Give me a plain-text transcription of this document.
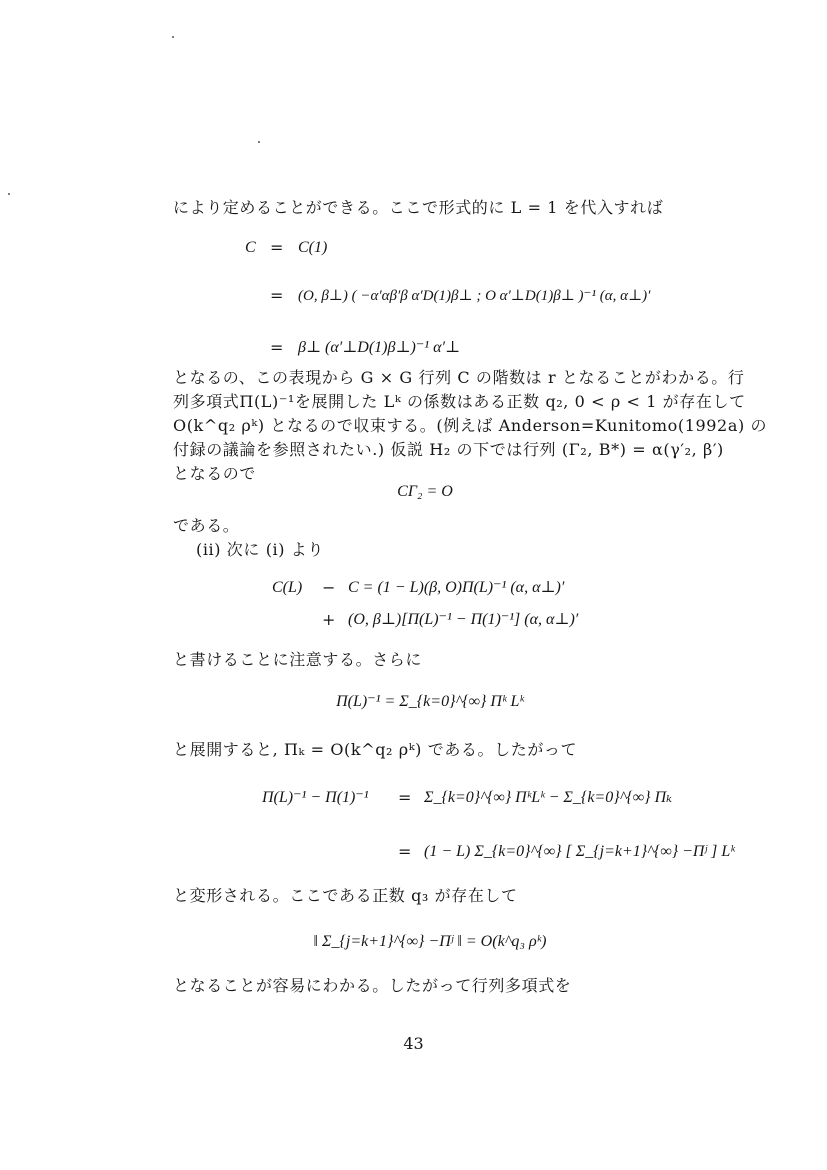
により定めることができる。ここで形式的に L = 1 を代入すれば
C = C(1)
= (O, β⊥) ( −α′αβ′β α′D(1)β⊥ ; O α′⊥D(1)β⊥ )⁻¹ (α, α⊥)′
= β⊥ (α′⊥D(1)β⊥)⁻¹ α′⊥
となるの、この表現から G × G 行列 C の階数は r となることがわかる。行
列多項式Π(L)⁻¹を展開した Lᵏ の係数はある正数 q₂, 0 < ρ < 1 が存在して
O(k^q₂ ρᵏ) となるので収束する。(例えば Anderson=Kunitomo(1992a) の
付録の議論を参照されたい.) 仮説 H₂ の下では行列 (Γ₂, B*) = α(γ′₂, β′)
となるので
CΓ₂ = O
である。
(ii) 次に (i) より
C(L) − C = (1 − L)(β, O)Π(L)⁻¹ (α, α⊥)′
+ (O, β⊥)[Π(L)⁻¹ − Π(1)⁻¹] (α, α⊥)′
と書けることに注意する。さらに
Π(L)⁻¹ = Σ_{k=0}^{∞} Πᵏ Lᵏ
と展開すると, Πₖ = O(k^q₂ ρᵏ) である。したがって
Π(L)⁻¹ − Π(1)⁻¹ = Σ_{k=0}^{∞} ΠᵏLᵏ − Σ_{k=0}^{∞} Πₖ
= (1 − L) Σ_{k=0}^{∞} [ Σ_{j=k+1}^{∞} −Πʲ ] Lᵏ
と変形される。ここである正数 q₃ が存在して
‖ Σ_{j=k+1}^{∞} −Πʲ ‖ = O(k^q₃ ρᵏ)
となることが容易にわかる。したがって行列多項式を
43
